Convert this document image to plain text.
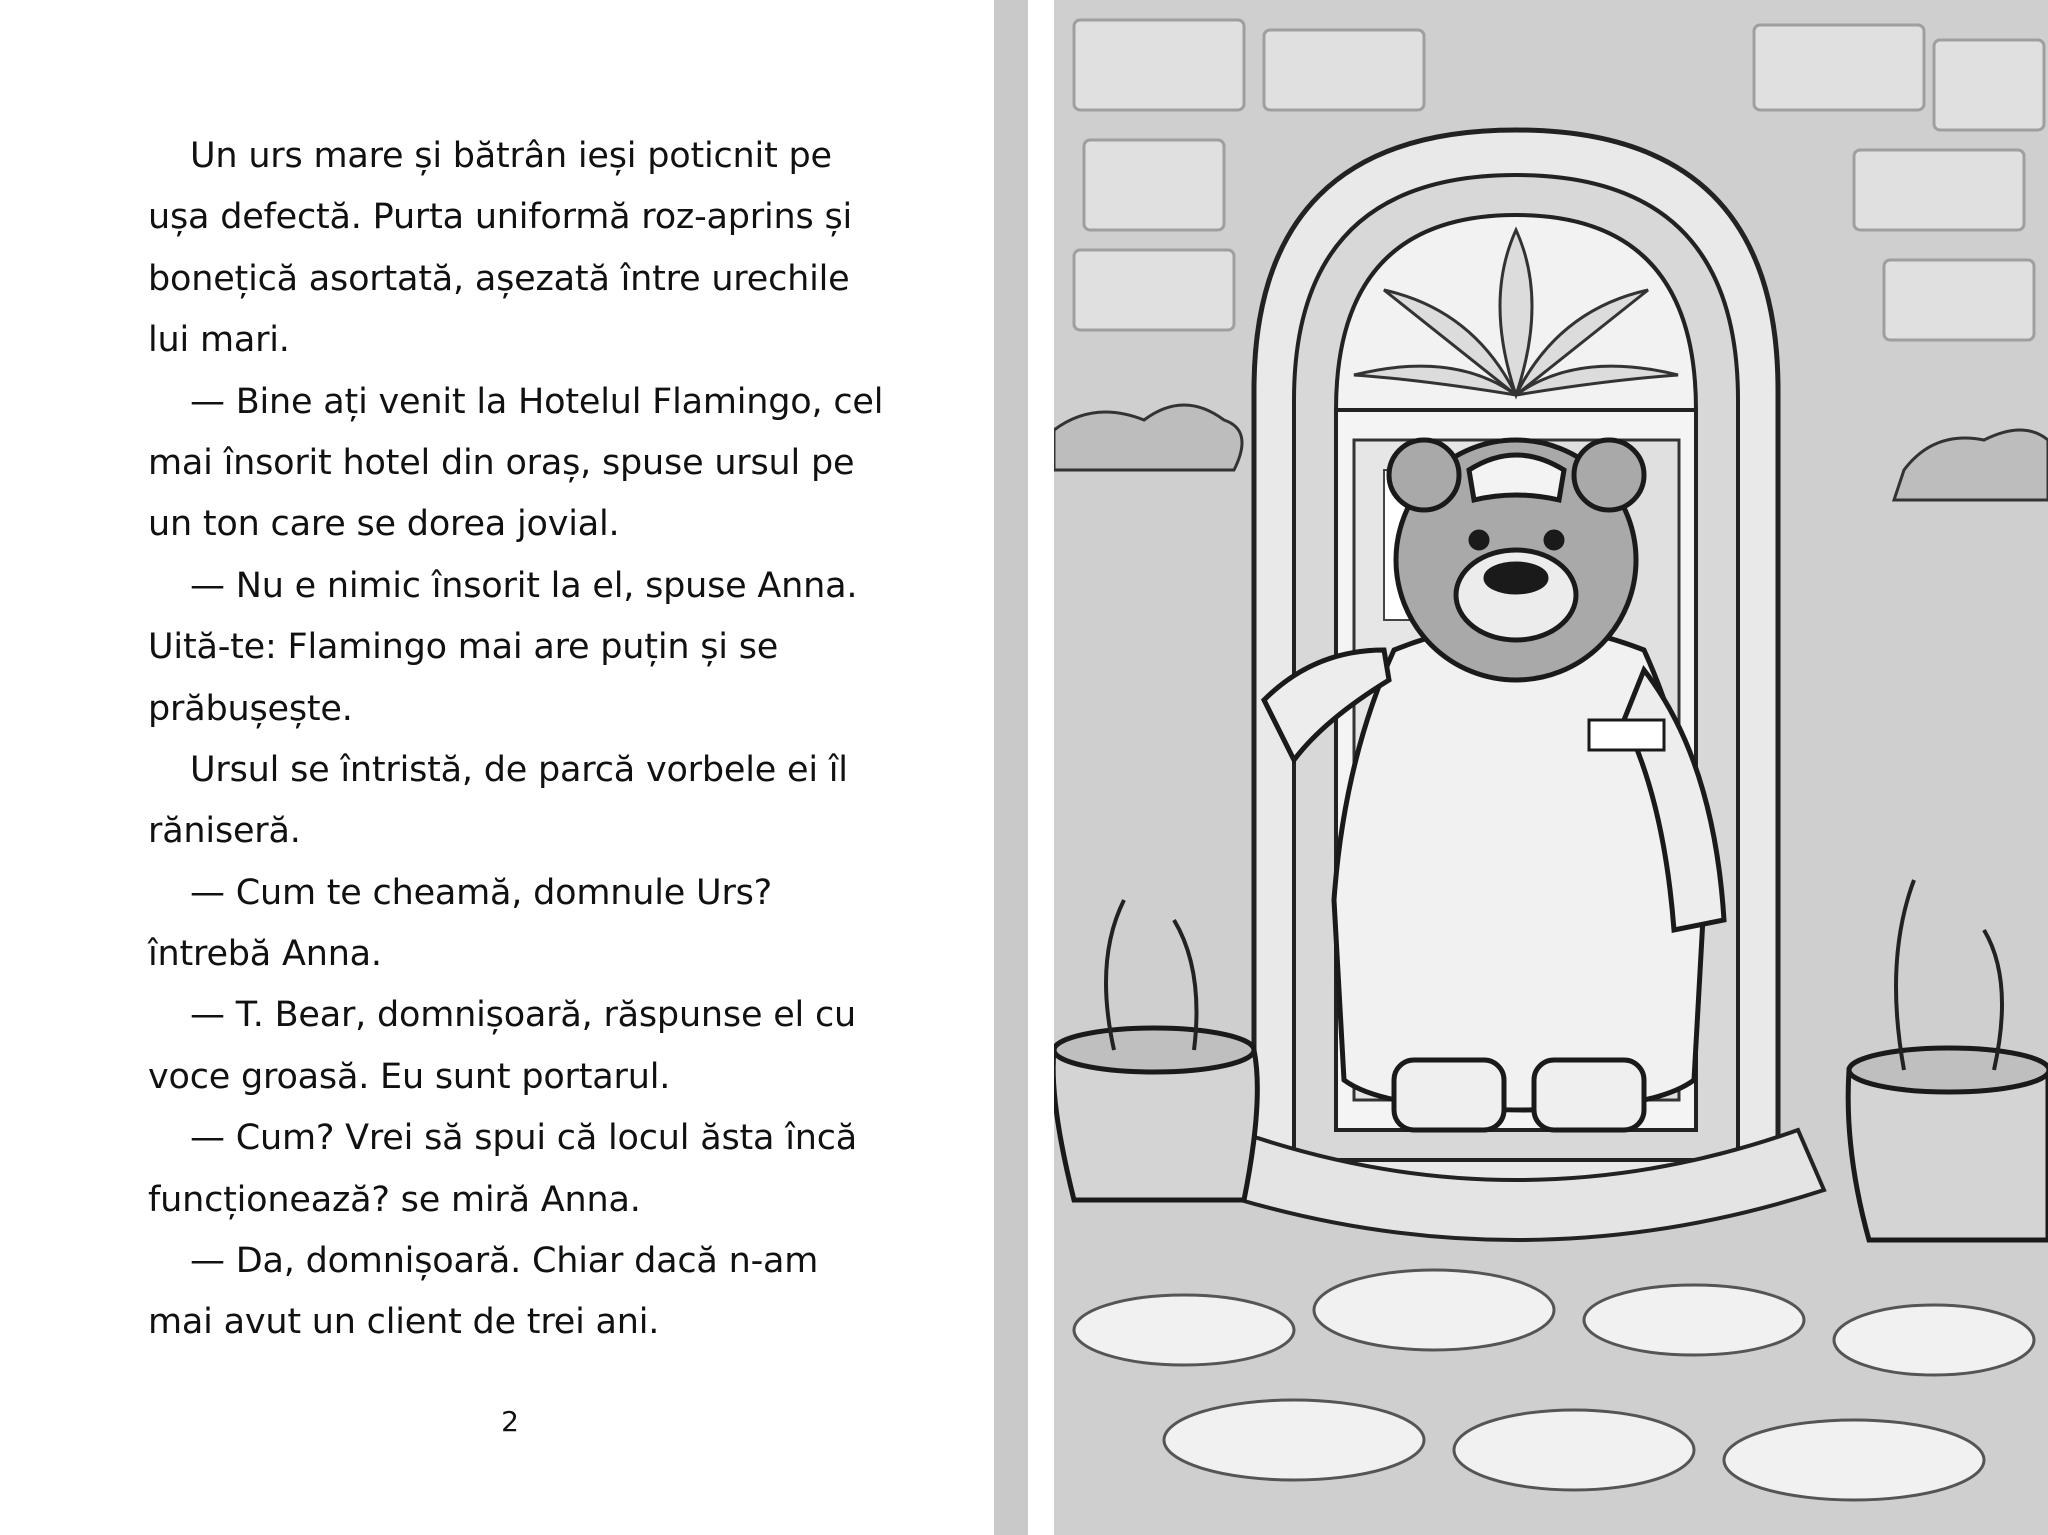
Un urs mare și bătrân ieși poticnit pe
ușa defectă. Purta uniformă roz-aprins și
bonețică asortată, așezată între urechile
lui mari.
— Bine ați venit la Hotelul Flamingo, cel
mai însorit hotel din oraș, spuse ursul pe
un ton care se dorea jovial.
— Nu e nimic însorit la el, spuse Anna.
Uită-te: Flamingo mai are puțin și se
prăbușește.
Ursul se întristă, de parcă vorbele ei îl
răniseră.
— Cum te cheamă, domnule Urs?
întrebă Anna.
— T. Bear, domnișoară, răspunse el cu
voce groasă. Eu sunt portarul.
— Cum? Vrei să spui că locul ăsta încă
funcționează? se miră Anna.
— Da, domnișoară. Chiar dacă n-am
mai avut un client de trei ani.
2
